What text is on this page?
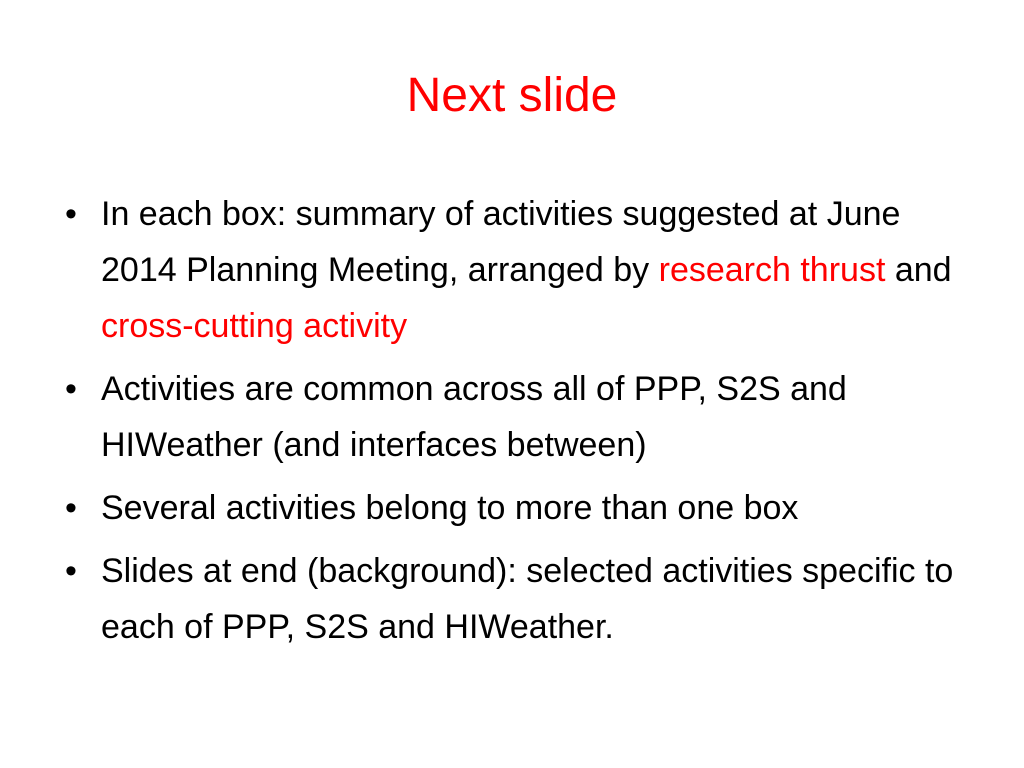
Next slide
• In each box: summary of activities suggested at June 2014 Planning Meeting, arranged by research thrust and cross-cutting activity
• Activities are common across all of PPP, S2S and HIWeather (and interfaces between)
• Several activities belong to more than one box
• Slides at end (background): selected activities specific to each of PPP, S2S and HIWeather.
